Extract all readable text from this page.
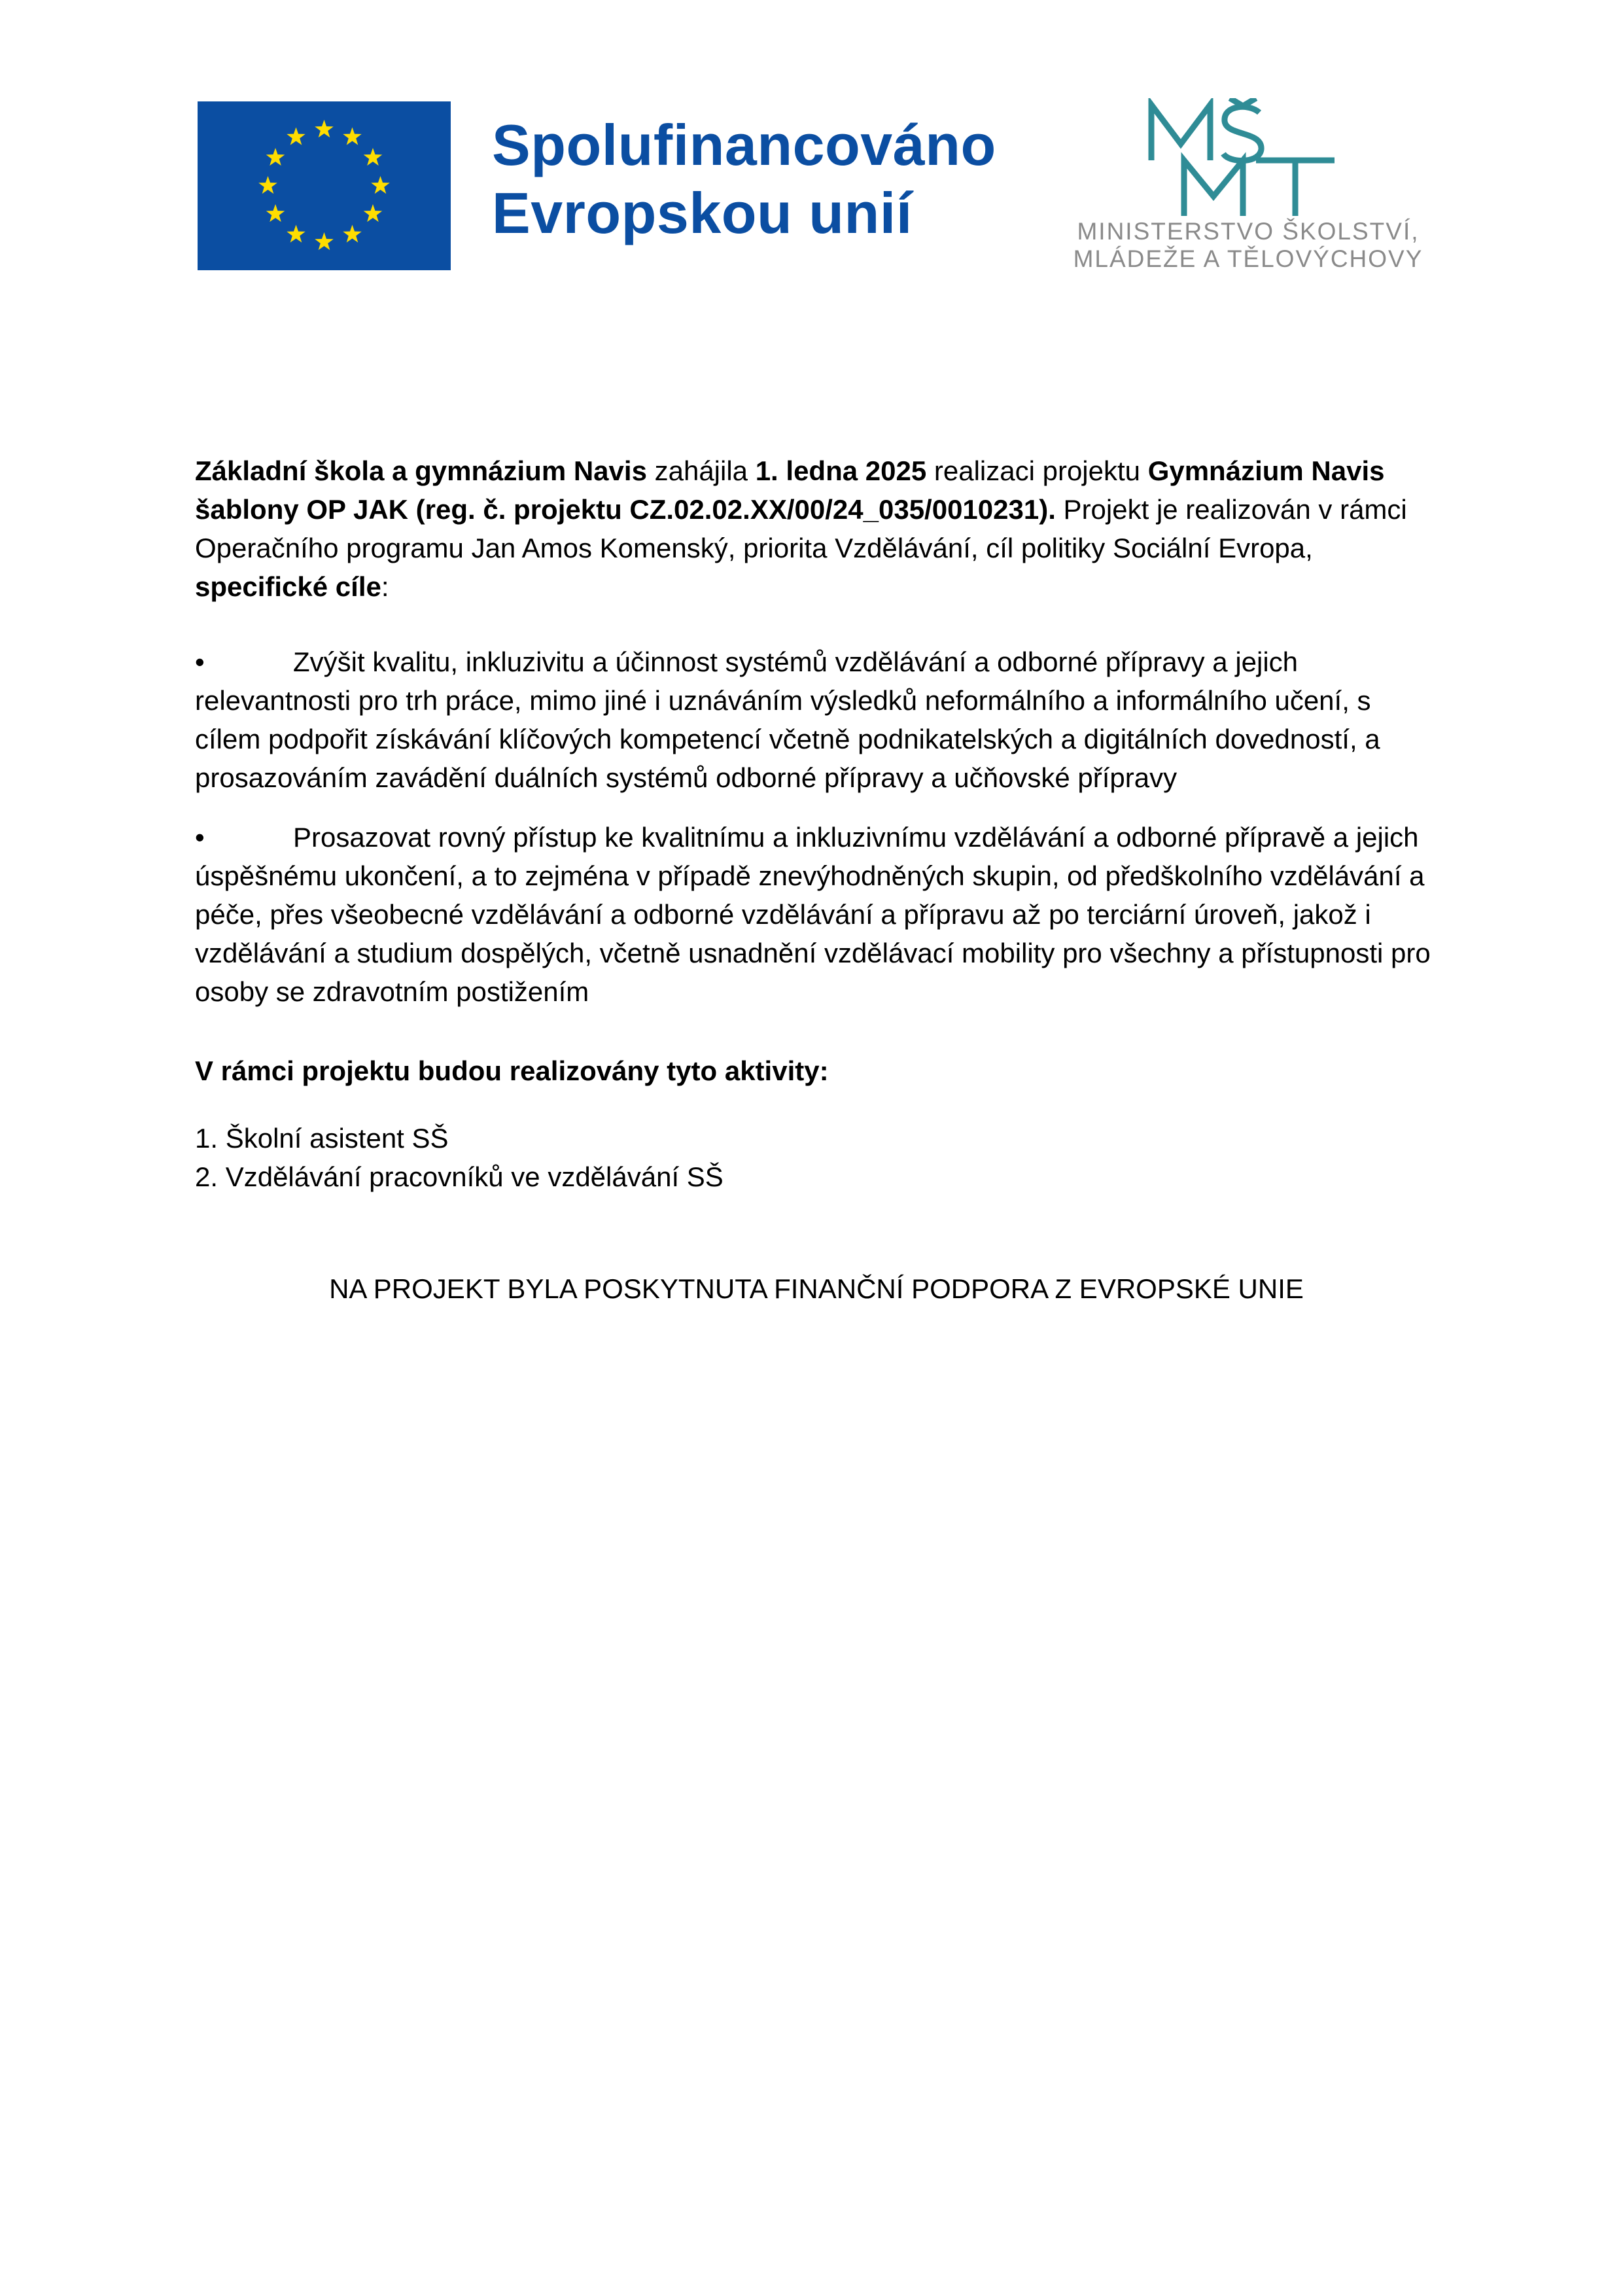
Spolufinancováno
Evropskou unií	MINISTERSTVO ŠKOLSTVÍ,
MLÁDEŽE A TĚLOVÝCHOVY

Základní škola a gymnázium Navis zahájila 1. ledna 2025 realizaci projektu Gymnázium Navis šablony OP JAK (reg. č. projektu CZ.02.02.XX/00/24_035/0010231). Projekt je realizován v rámci Operačního programu Jan Amos Komenský, priorita Vzdělávání, cíl politiky Sociální Evropa, specifické cíle:

•	Zvýšit kvalitu, inkluzivitu a účinnost systémů vzdělávání a odborné přípravy a jejich relevantnosti pro trh práce, mimo jiné i uznáváním výsledků neformálního a informálního učení, s cílem podpořit získávání klíčových kompetencí včetně podnikatelských a digitálních dovedností, a prosazováním zavádění duálních systémů odborné přípravy a učňovské přípravy

•	Prosazovat rovný přístup ke kvalitnímu a inkluzivnímu vzdělávání a odborné přípravě a jejich úspěšnému ukončení, a to zejména v případě znevýhodněných skupin, od předškolního vzdělávání a péče, přes všeobecné vzdělávání a odborné vzdělávání a přípravu až po terciární úroveň, jakož i vzdělávání a studium dospělých, včetně usnadnění vzdělávací mobility pro všechny a přístupnosti pro osoby se zdravotním postižením

V rámci projektu budou realizovány tyto aktivity:

1. Školní asistent SŠ
2. Vzdělávání pracovníků ve vzdělávání SŠ
NA PROJEKT BYLA POSKYTNUTA FINANČNÍ PODPORA Z EVROPSKÉ UNIE
